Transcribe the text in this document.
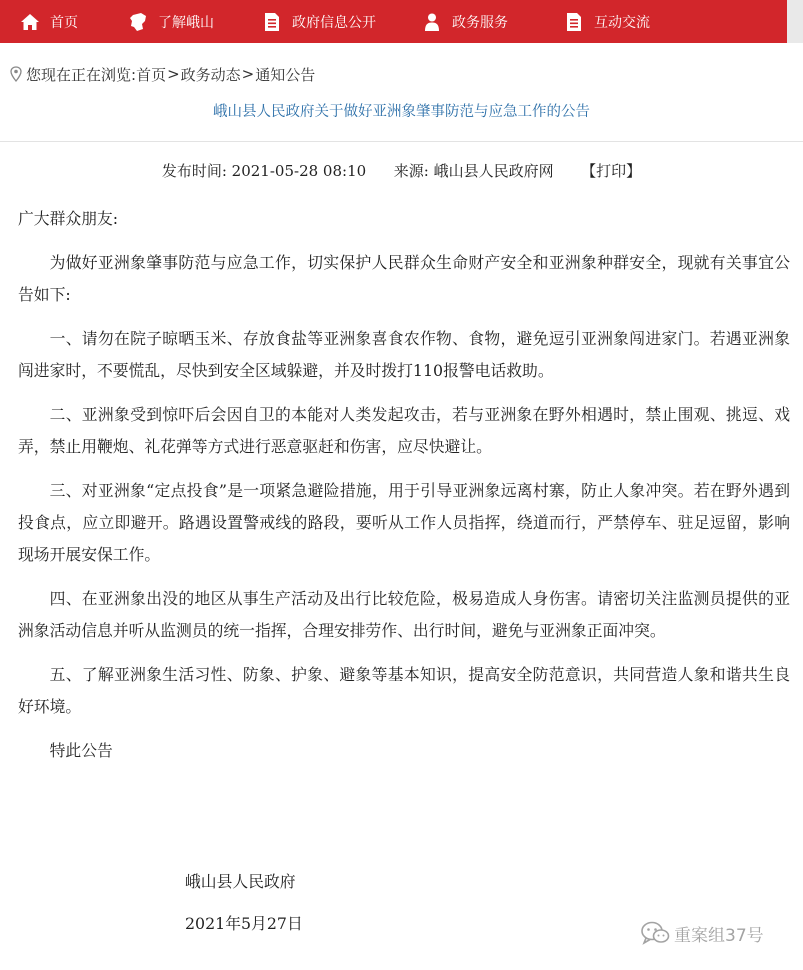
首页	了解峨山	政府信息公开	政务服务	互动交流
您现在正在浏览: 首页 > 政务动态 > 通知公告
峨山县人民政府关于做好亚洲象肇事防范与应急工作的公告
发布时间: 2021-05-28 08:10 来源: 峨山县人民政府网 【打印】

广大群众朋友:

为做好亚洲象肇事防范与应急工作，切实保护人民群众生命财产安全和亚洲象种群安全，现就有关事宜公告如下:

一、请勿在院子晾晒玉米、存放食盐等亚洲象喜食农作物、食物，避免逗引亚洲象闯进家门。若遇亚洲象闯进家时，不要慌乱，尽快到安全区域躲避，并及时拨打110报警电话救助。

二、亚洲象受到惊吓后会因自卫的本能对人类发起攻击，若与亚洲象在野外相遇时，禁止围观、挑逗、戏弄，禁止用鞭炮、礼花弹等方式进行恶意驱赶和伤害，应尽快避让。

三、对亚洲象“定点投食”是一项紧急避险措施，用于引导亚洲象远离村寨，防止人象冲突。若在野外遇到投食点，应立即避开。路遇设置警戒线的路段，要听从工作人员指挥，绕道而行，严禁停车、驻足逗留，影响现场开展安保工作。

四、在亚洲象出没的地区从事生产活动及出行比较危险，极易造成人身伤害。请密切关注监测员提供的亚洲象活动信息并听从监测员的统一指挥，合理安排劳作、出行时间，避免与亚洲象正面冲突。

五、了解亚洲象生活习性、防象、护象、避象等基本知识，提高安全防范意识，共同营造人象和谐共生良好环境。

特此公告

峨山县人民政府
2021年5月27日
重案组37号
